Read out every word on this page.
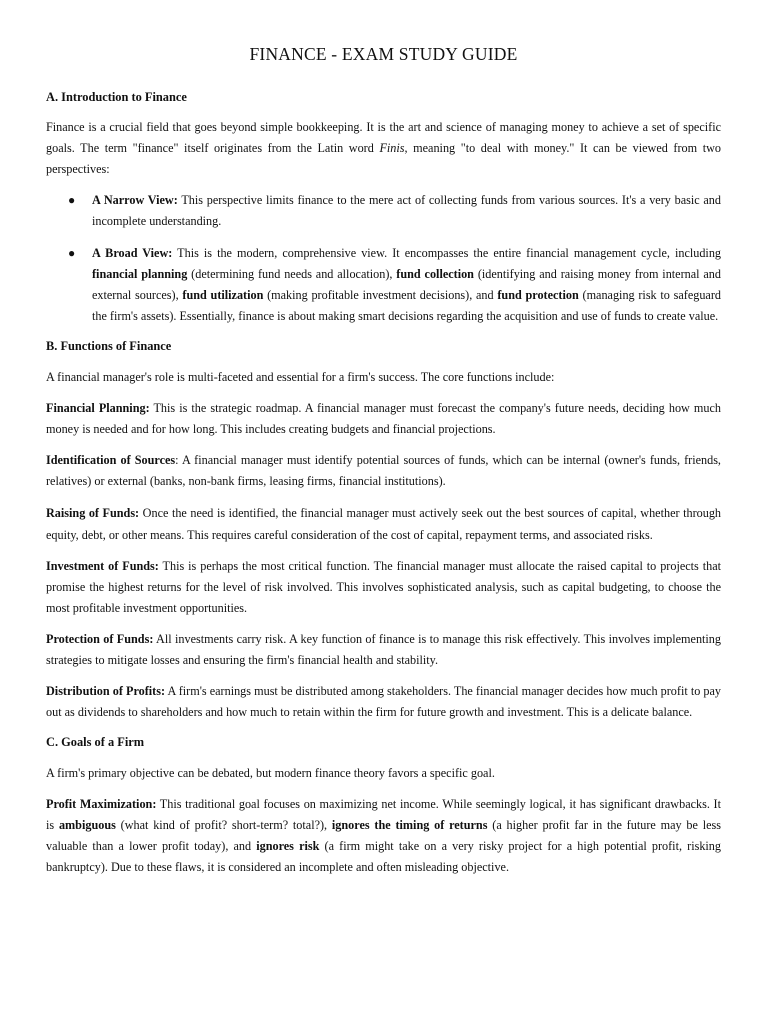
FINANCE - EXAM STUDY GUIDE
A. Introduction to Finance

Finance is a crucial field that goes beyond simple bookkeeping. It is the art and science of managing money to achieve a set of specific goals. The term "finance" itself originates from the Latin word Finis, meaning "to deal with money." It can be viewed from two perspectives:

● A Narrow View: This perspective limits finance to the mere act of collecting funds from various sources. It's a very basic and incomplete understanding.
● A Broad View: This is the modern, comprehensive view. It encompasses the entire financial management cycle, including financial planning (determining fund needs and allocation), fund collection (identifying and raising money from internal and external sources), fund utilization (making profitable investment decisions), and fund protection (managing risk to safeguard the firm's assets). Essentially, finance is about making smart decisions regarding the acquisition and use of funds to create value.
B. Functions of Finance

A financial manager's role is multi-faceted and essential for a firm's success. The core functions include:

Financial Planning: This is the strategic roadmap. A financial manager must forecast the company's future needs, deciding how much money is needed and for how long. This includes creating budgets and financial projections.

Identification of Sources: A financial manager must identify potential sources of funds, which can be internal (owner's funds, friends, relatives) or external (banks, non-bank firms, leasing firms, financial institutions).

Raising of Funds: Once the need is identified, the financial manager must actively seek out the best sources of capital, whether through equity, debt, or other means. This requires careful consideration of the cost of capital, repayment terms, and associated risks.

Investment of Funds: This is perhaps the most critical function. The financial manager must allocate the raised capital to projects that promise the highest returns for the level of risk involved. This involves sophisticated analysis, such as capital budgeting, to choose the most profitable investment opportunities.

Protection of Funds: All investments carry risk. A key function of finance is to manage this risk effectively. This involves implementing strategies to mitigate losses and ensuring the firm's financial health and stability.

Distribution of Profits: A firm's earnings must be distributed among stakeholders. The financial manager decides how much profit to pay out as dividends to shareholders and how much to retain within the firm for future growth and investment. This is a delicate balance.

C. Goals of a Firm

A firm's primary objective can be debated, but modern finance theory favors a specific goal.

Profit Maximization: This traditional goal focuses on maximizing net income. While seemingly logical, it has significant drawbacks. It is ambiguous (what kind of profit? short-term? total?), ignores the timing of returns (a higher profit far in the future may be less valuable than a lower profit today), and ignores risk (a firm might take on a very risky project for a high potential profit, risking bankruptcy). Due to these flaws, it is considered an incomplete and often misleading objective.
